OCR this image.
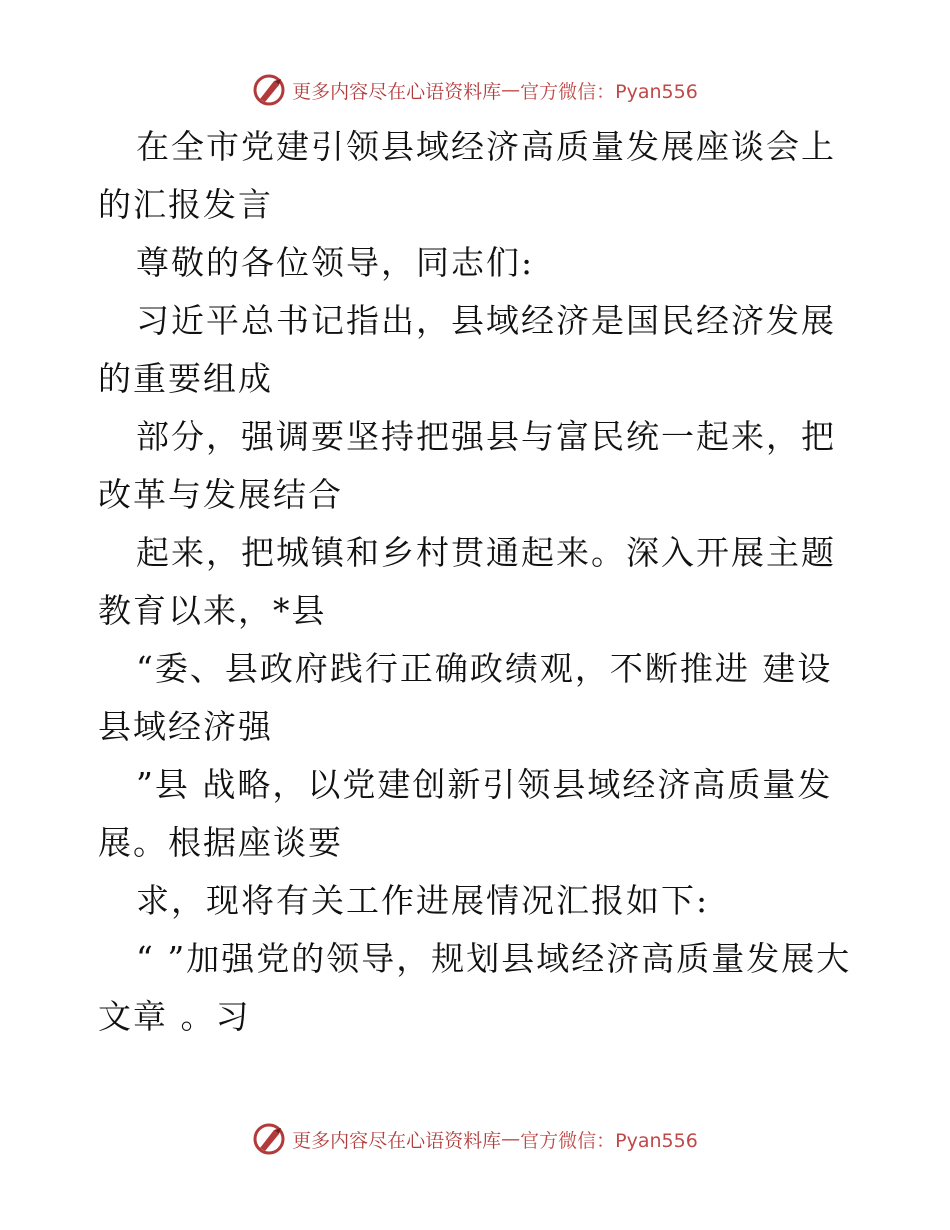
更多内容尽在心语资料库 — 官方微信：Pyan556

在全市党建引领县域经济高质量发展座谈会上的汇报发言

尊敬的各位领导，同志们:

习近平总书记指出，县域经济是国民经济发展的重要组成

部分，强调要坚持把强县与富民统一起来，把改革与发展结合

起来，把城镇和乡村贯通起来。深入开展主题教育以来，*县

“委、县政府践行正确政绩观，不断推进 建设县域经济强

”县 战略，以党建创新引领县域经济高质量发展。根据座谈要

求，现将有关工作进展情况汇报如下:

“ ”加强党的领导，规划县域经济高质量发展大文章 。习

更多内容尽在心语资料库 — 官方微信：Pyan556
